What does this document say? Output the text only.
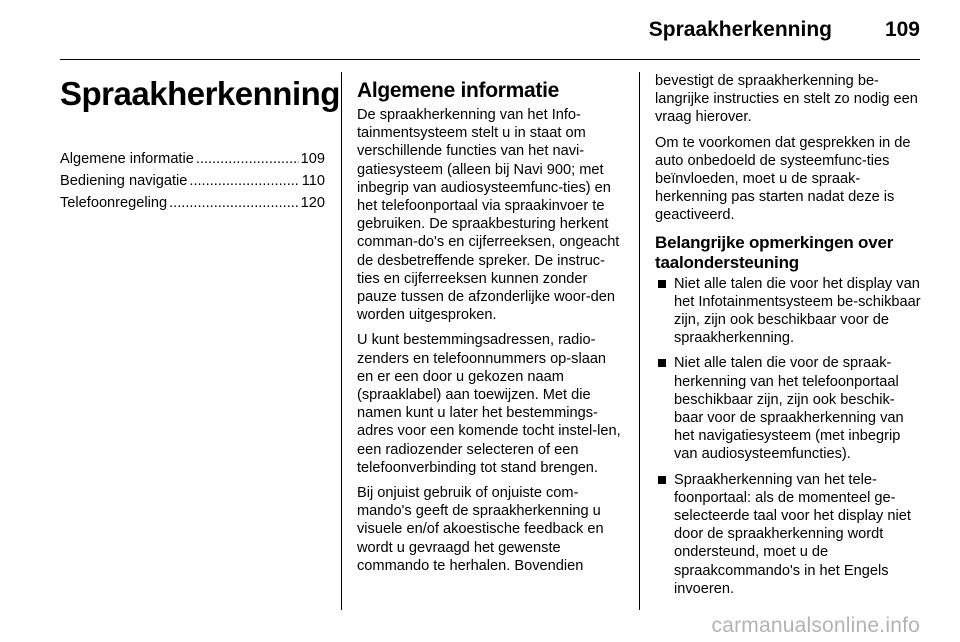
Spraakherkenning	109
Spraakherkenning
Algemene informatie .....	109
Bediening navigatie .....	110
Telefoonregeling .....	120
Algemene informatie

De spraakherkenning van het Info-tainmentsysteem stelt u in staat om verschillende functies van het navi-gatiesysteem (alleen bij Navi 900; met inbegrip van audiosysteemfunc-ties) en het telefoonportaal via spraakinvoer te gebruiken. De spraakbesturing herkent comman-do's en cijferreeksen, ongeacht de desbetreffende spreker. De instruc-ties en cijferreeksen kunnen zonder pauze tussen de afzonderlijke woor-den worden uitgesproken.

U kunt bestemmingsadressen, radio-zenders en telefoonnummers op-slaan en er een door u gekozen naam (spraaklabel) aan toewijzen. Met die namen kunt u later het bestemmings-adres voor een komende tocht instel-len, een radiozender selecteren of een telefoonverbinding tot stand brengen.

Bij onjuist gebruik of onjuiste com-mando's geeft de spraakherkenning u visuele en/of akoestische feedback en wordt u gevraagd het gewenste commando te herhalen. Bovendien

bevestigt de spraakherkenning be-langrijke instructies en stelt zo nodig een vraag hierover.

Om te voorkomen dat gesprekken in de auto onbedoeld de systeemfunc-ties beïnvloeden, moet u de spraak-herkenning pas starten nadat deze is geactiveerd.

Belangrijke opmerkingen over taalondersteuning
Niet alle talen die voor het display van het Infotainmentsysteem be-schikbaar zijn, zijn ook beschikbaar voor de spraakherkenning.
Niet alle talen die voor de spraak-herkenning van het telefoonportaal beschikbaar zijn, zijn ook beschik-baar voor de spraakherkenning van het navigatiesysteem (met inbegrip van audiosysteemfuncties).
Spraakherkenning van het tele-foonportaal: als de momenteel ge-selecteerde taal voor het display niet door de spraakherkenning wordt ondersteund, moet u de spraakcommando's in het Engels invoeren.
carmanualsonline.info
